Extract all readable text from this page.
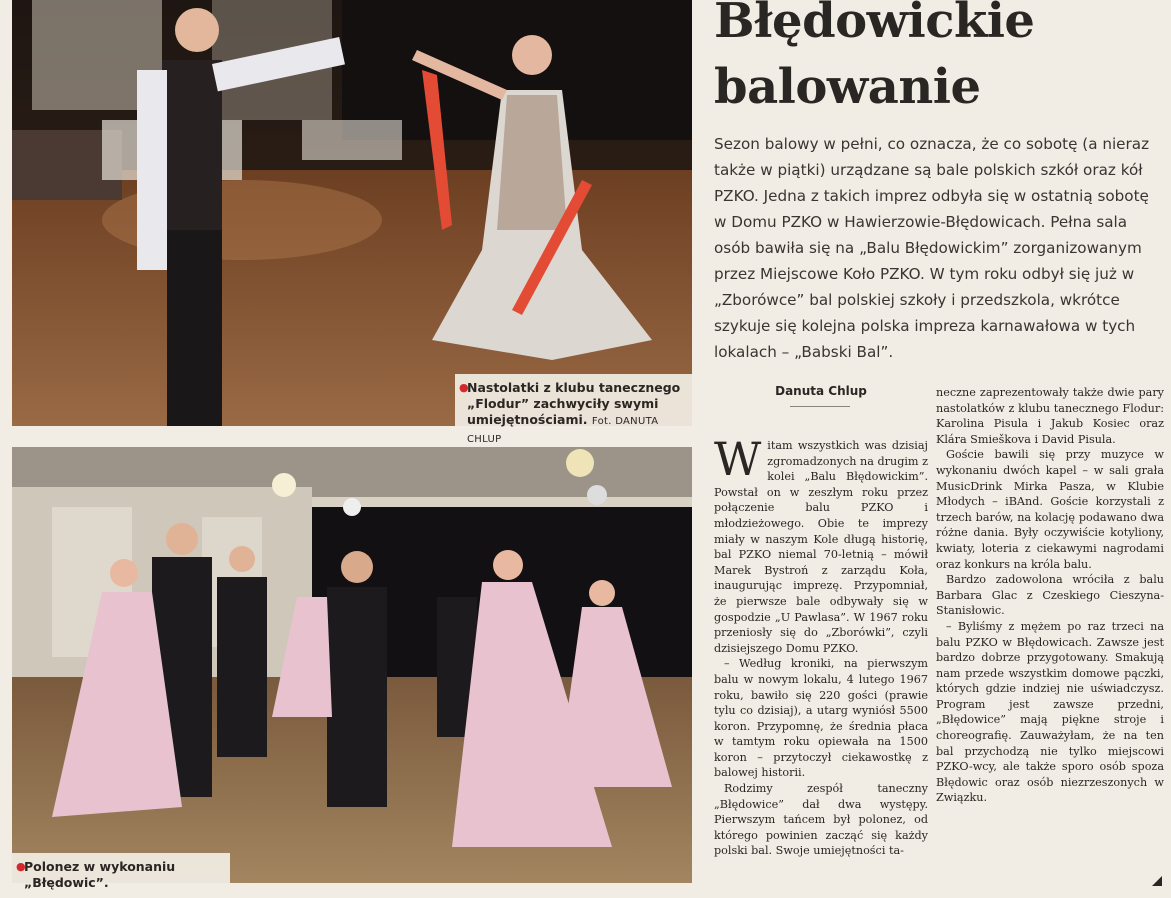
●
Nastolatki z klubu tanecznego „Flodur” zachwyciły swymi umiejętnościami. Fot. DANUTA CHLUP
●
Polonez w wykonaniu „Błędowic”.
Błędowickie balowanie

Sezon balowy w pełni, co oznacza, że co sobotę (a nieraz także w piątki) urządzane są bale polskich szkół oraz kół PZKO. Jedna z takich imprez odbyła się w ostatnią sobotę w Domu PZKO w Hawierzowie-Błędowicach. Pełna sala osób bawiła się na „Balu Błędowickim” zorganizowanym przez Miejscowe Koło PZKO. W tym roku odbył się już w „Zborówce” bal polskiej szkoły i przedszkola, wkrótce szykuje się kolejna polska impreza karnawałowa w tych lokalach – „Babski Bal”.

Danuta Chlup

Witam wszystkich was dzisiaj zgromadzonych na drugim z kolei „Balu Błędowickim”. Powstał on w zeszłym roku przez połączenie balu PZKO i młodzieżowego. Obie te imprezy miały w naszym Kole długą historię, bal PZKO niemal 70-letnią – mówił Marek Bystroń z zarządu Koła, inaugurując imprezę. Przypomniał, że pierwsze bale odbywały się w gospodzie „U Pawlasa”. W 1967 roku przeniosły się do „Zborówki”, czyli dzisiejszego Domu PZKO.

– Według kroniki, na pierwszym balu w nowym lokalu, 4 lutego 1967 roku, bawiło się 220 gości (prawie tylu co dzisiaj), a utarg wyniósł 5500 koron. Przypomnę, że średnia płaca w tamtym roku opiewała na 1500 koron – przytoczył ciekawostkę z balowej historii.

Rodzimy zespół taneczny „Błędowice” dał dwa występy. Pierwszym tańcem był polonez, od którego powinien zacząć się każdy polski bal. Swoje umiejętności ta-

neczne zaprezentowały także dwie pary nastolatków z klubu tanecznego Flodur: Karolina Pisula i Jakub Kosiec oraz Klára Smieškova i David Pisula.

Goście bawili się przy muzyce w wykonaniu dwóch kapel – w sali grała MusicDrink Mirka Pasza, w Klubie Młodych – iBAnd. Goście korzystali z trzech barów, na kolację podawano dwa różne dania. Były oczywiście kotyliony, kwiaty, loteria z ciekawymi nagrodami oraz konkurs na króla balu.

Bardzo zadowolona wróciła z balu Barbara Glac z Czeskiego Cieszyna-Stanisłowic.

– Byliśmy z mężem po raz trzeci na balu PZKO w Błędowicach. Zawsze jest bardzo dobrze przygotowany. Smakują nam przede wszystkim domowe pączki, których gdzie indziej nie uświadczysz. Program jest zawsze przedni, „Błędowice” mają piękne stroje i choreografię. Zauważyłam, że na ten bal przychodzą nie tylko miejscowi PZKO-wcy, ale także sporo osób spoza Błędowic oraz osób niezrzeszonych w Związku.
